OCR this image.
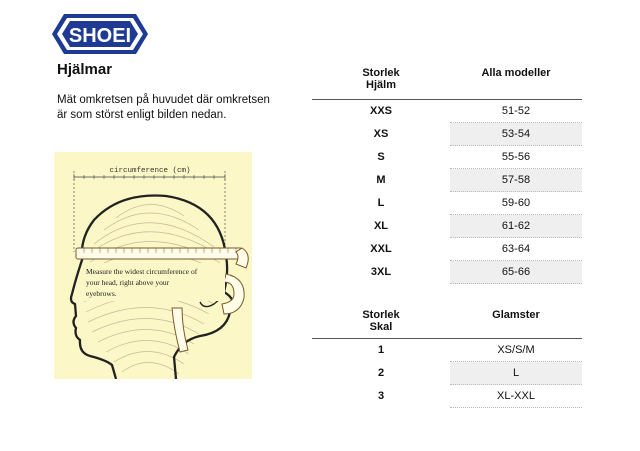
SHOEI
Hjälmar
Mät omkretsen på huvudet där omkretsen är som störst enligt bilden nedan.
circumference (cm)
Measure the widest circumference of
your head, right above your
eyebrows.
Storlek
Hjälm	Alla modeller
XXS	51-52
XS	53-54
S	55-56
M	57-58
L	59-60
XL	61-62
XXL	63-64
3XL	65-66
Storlek
Skal	Glamster
1	XS/S/M
2	L
3	XL-XXL
